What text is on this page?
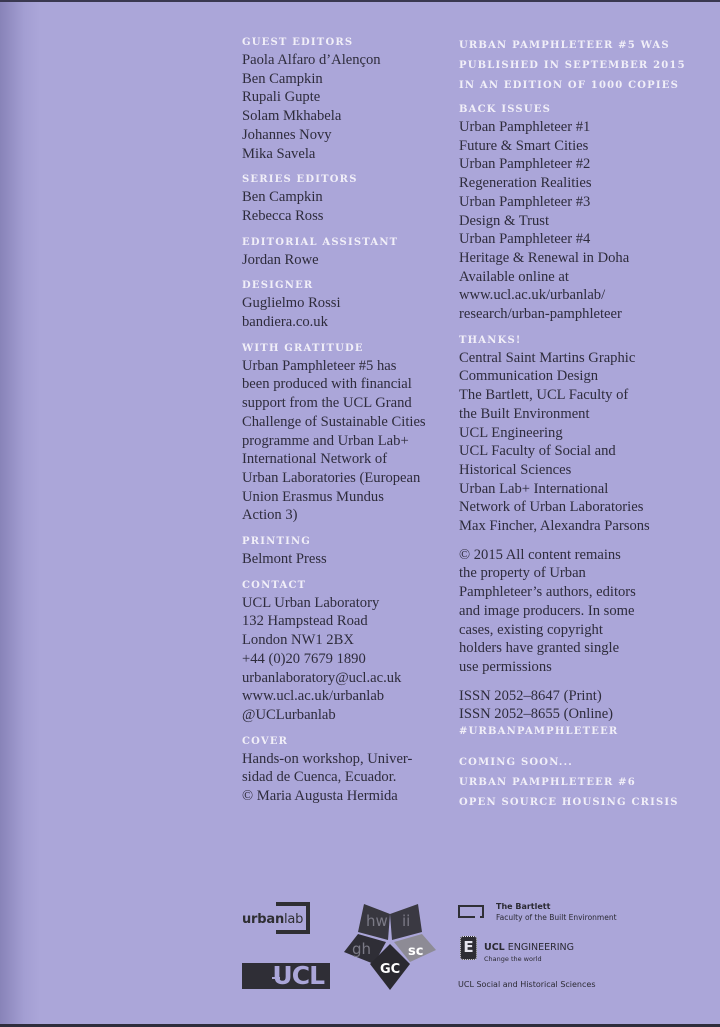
GUEST EDITORS
Paola Alfaro d’Alençon
Ben Campkin
Rupali Gupte
Solam Mkhabela
Johannes Novy
Mika Savela
SERIES EDITORS
Ben Campkin
Rebecca Ross
EDITORIAL ASSISTANT
Jordan Rowe
DESIGNER
Guglielmo Rossi
bandiera.co.uk
WITH GRATITUDE
Urban Pamphleteer #5 has
been produced with financial
support from the UCL Grand
Challenge of Sustainable Cities
programme and Urban Lab+
International Network of
Urban Laboratories (European
Union Erasmus Mundus
Action 3)
PRINTING
Belmont Press
CONTACT
UCL Urban Laboratory
132 Hampstead Road
London NW1 2BX
+44 (0)20 7679 1890
urbanlaboratory@ucl.ac.uk
www.ucl.ac.uk/urbanlab
@UCLurbanlab
COVER
Hands-on workshop, Univer-
sidad de Cuenca, Ecuador.
© Maria Augusta Hermida
URBAN PAMPHLETEER #5 WAS
PUBLISHED IN SEPTEMBER 2015
IN AN EDITION OF 1000 COPIES
BACK ISSUES
Urban Pamphleteer #1
Future & Smart Cities
Urban Pamphleteer #2
Regeneration Realities
Urban Pamphleteer #3
Design & Trust
Urban Pamphleteer #4
Heritage & Renewal in Doha
Available online at
www.ucl.ac.uk/urbanlab/
research/urban-pamphleteer
THANKS!
Central Saint Martins Graphic
Communication Design
The Bartlett, UCL Faculty of
the Built Environment
UCL Engineering
UCL Faculty of Social and
Historical Sciences
Urban Lab+ International
Network of Urban Laboratories
Max Fincher, Alexandra Parsons
© 2015 All content remains
the property of Urban
Pamphleteer’s authors, editors
and image producers. In some
cases, existing copyright
holders have granted single
use permissions
ISSN 2052–8647 (Print)
ISSN 2052–8655 (Online)
#URBANPAMPHLETEER
COMING SOON...
URBAN PAMPHLETEER #6
OPEN SOURCE HOUSING CRISIS
urbanlab
UCL
hw ii
gh	sc
GC
The Bartlett
Faculty of the Built Environment
E	UCL ENGINEERING
Change the world
UCL Social and Historical Sciences
